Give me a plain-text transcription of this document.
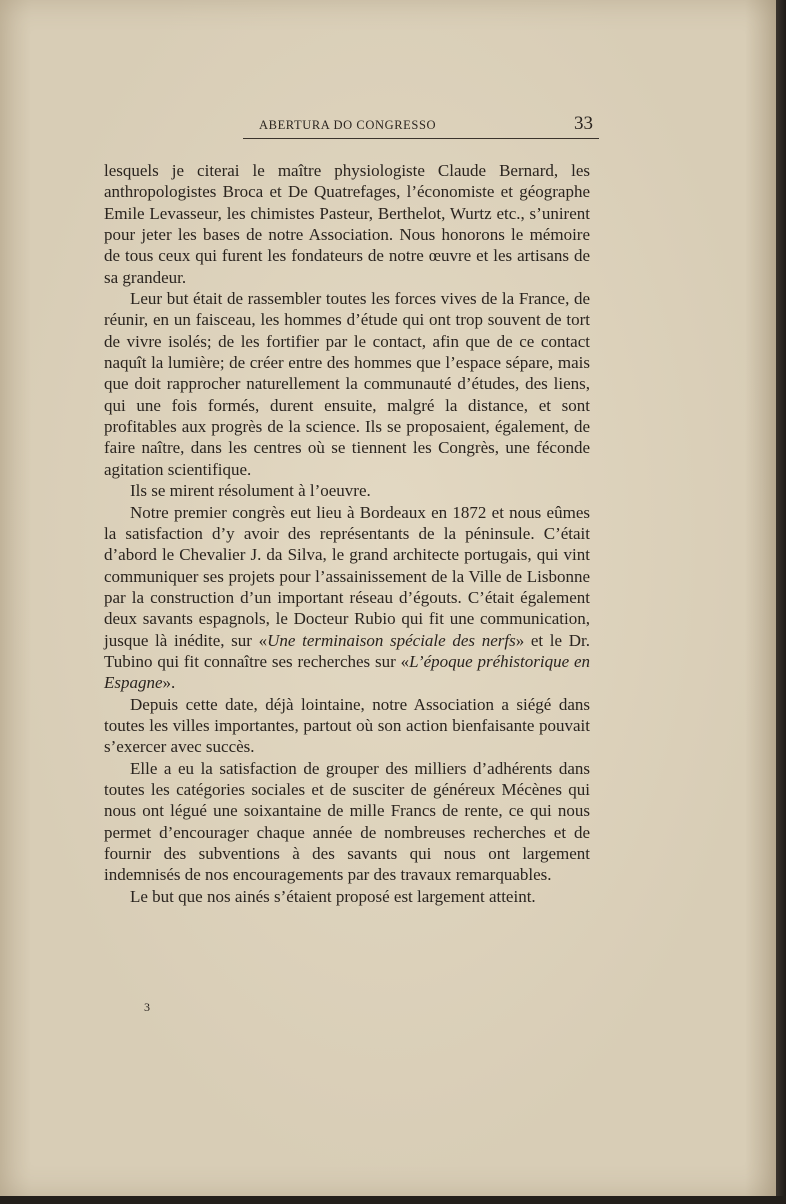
ABERTURA DO CONGRESSO	33

lesquels je citerai le maître physiologiste Claude Bernard, les anthropologistes Broca et De Quatrefages, l’économiste et géographe Emile Levasseur, les chimistes Pasteur, Berthelot, Wurtz etc., s’unirent pour jeter les bases de notre Association. Nous honorons le mémoire de tous ceux qui furent les fondateurs de notre œuvre et les artisans de sa grandeur.

Leur but était de rassembler toutes les forces vives de la France, de réunir, en un faisceau, les hommes d’étude qui ont trop souvent de tort de vivre isolés; de les fortifier par le contact, afin que de ce contact naquît la lumière; de créer entre des hommes que l’espace sépare, mais que doit rapprocher naturellement la communauté d’études, des liens, qui une fois formés, durent ensuite, malgré la distance, et sont profitables aux progrès de la science. Ils se proposaient, également, de faire naître, dans les centres où se tiennent les Congrès, une féconde agitation scientifique.

Ils se mirent résolument à l’oeuvre.

Notre premier congrès eut lieu à Bordeaux en 1872 et nous eûmes la satisfaction d’y avoir des représentants de la péninsule. C’était d’abord le Chevalier J. da Silva, le grand architecte portugais, qui vint communiquer ses projets pour l’assainissement de la Ville de Lisbonne par la construction d’un important réseau d’égouts. C’était également deux savants espagnols, le Docteur Rubio qui fit une communication, jusque là inédite, sur «Une terminaison spéciale des nerfs» et le Dr. Tubino qui fit connaître ses recherches sur «L’époque préhistorique en Espagne».

Depuis cette date, déjà lointaine, notre Association a siégé dans toutes les villes importantes, partout où son action bienfaisante pouvait s’exercer avec succès.

Elle a eu la satisfaction de grouper des milliers d’adhérents dans toutes les catégories sociales et de susciter de généreux Mécènes qui nous ont légué une soixantaine de mille Francs de rente, ce qui nous permet d’encourager chaque année de nombreuses recherches et de fournir des subventions à des savants qui nous ont largement indemnisés de nos encouragements par des travaux remarquables.

Le but que nos ainés s’étaient proposé est largement atteint.

3
